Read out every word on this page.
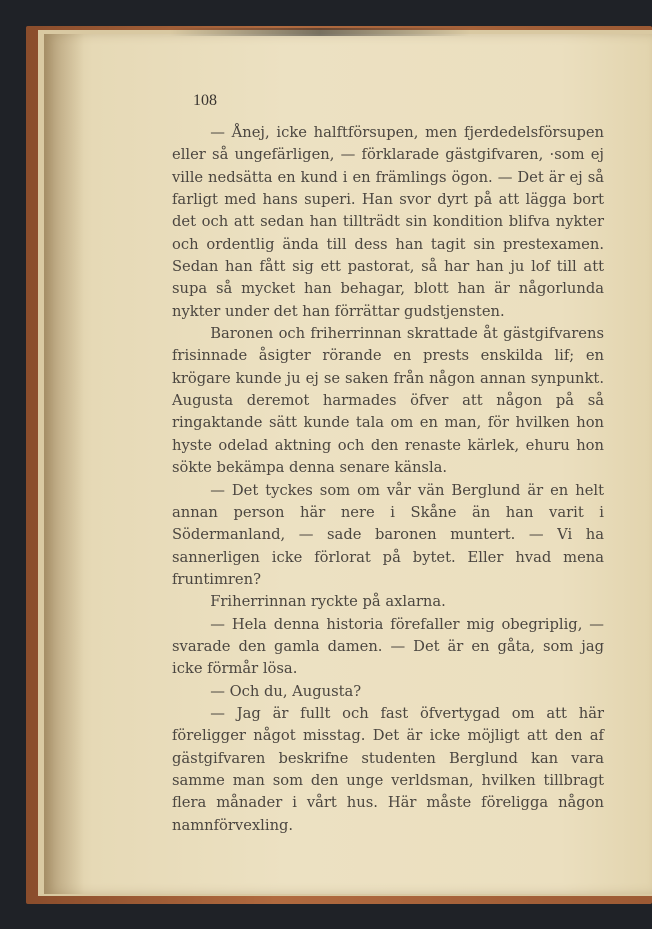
108

— Ånej, icke halftförsupen, men fjerdedelsförsupen eller så ungefärligen, — förklarade gästgifvaren, ·som ej ville nedsätta en kund i en främlings ögon. — Det är ej så farligt med hans superi. Han svor dyrt på att lägga bort det och att sedan han tillträdt sin kondition blifva nykter och ordentlig ända till dess han tagit sin prestexamen. Sedan han fått sig ett pastorat, så har han ju lof till att supa så mycket han behagar, blott han är någorlunda nykter under det han förrättar gudstjensten.

Baronen och friherrinnan skrattade åt gästgifvarens frisinnade åsigter rörande en prests enskilda lif; en krögare kunde ju ej se saken från någon annan synpunkt. Augusta deremot harmades öfver att någon på så ringaktande sätt kunde tala om en man, för hvilken hon hyste odelad aktning och den renaste kärlek, ehuru hon sökte bekämpa denna senare känsla.

— Det tyckes som om vår vän Berglund är en helt annan person här nere i Skåne än han varit i Södermanland, — sade baronen muntert. — Vi ha sannerligen icke förlorat på bytet. Eller hvad mena fruntimren?

Friherrinnan ryckte på axlarna.

— Hela denna historia förefaller mig obegriplig, — svarade den gamla damen. — Det är en gåta, som jag icke förmår lösa.

— Och du, Augusta?

— Jag är fullt och fast öfvertygad om att här föreligger något misstag. Det är icke möjligt att den af gästgifvaren beskrifne studenten Berglund kan vara samme man som den unge verldsman, hvilken tillbragt flera månader i vårt hus. Här måste föreligga någon namnförvexling.
